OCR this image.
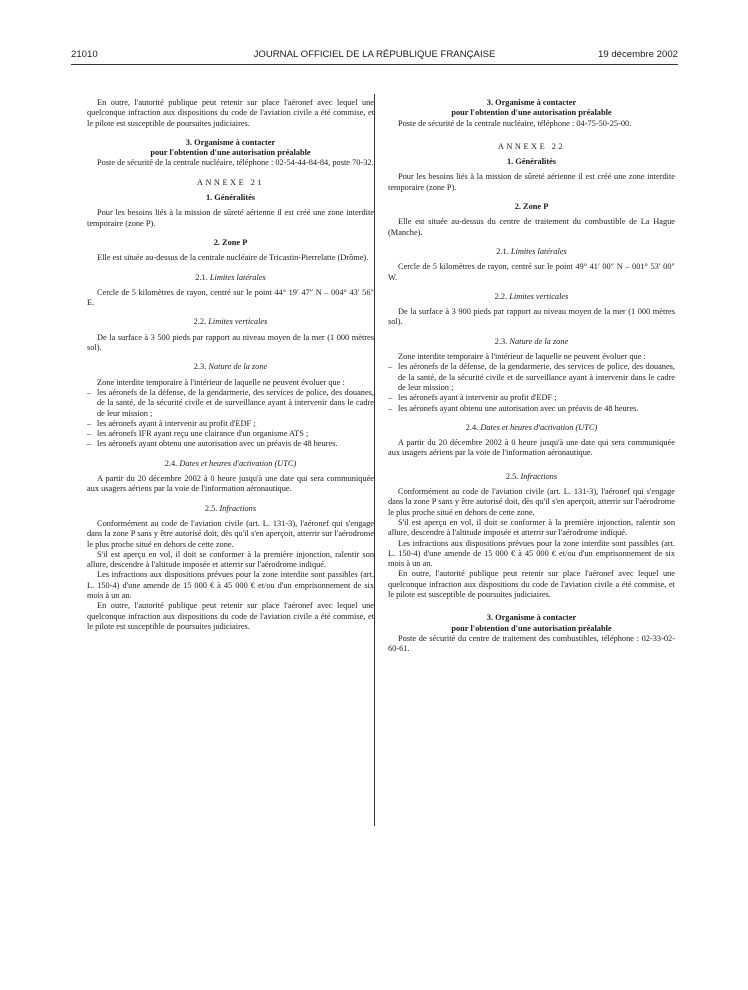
21010	JOURNAL OFFICIEL DE LA RÉPUBLIQUE FRANÇAISE	19 décembre 2002

En outre, l'autorité publique peut retenir sur place l'aéronef avec lequel une quelconque infraction aux dispositions du code de l'aviation civile a été commise, et le pilote est susceptible de poursuites judiciaires.

3. Organisme à contacter

pour l'obtention d'une autorisation préalable

Poste de sécurité de la centrale nucléaire, téléphone : 02-54-44-84-84, poste 70-32.

ANNEXE 21

1. Généralités

Pour les besoins liés à la mission de sûreté aérienne il est créé une zone interdite temporaire (zone P).

2. Zone P

Elle est située au-dessus de la centrale nucléaire de Tricastin-Pierrelatte (Drôme).

2.1. Limites latérales

Cercle de 5 kilomètres de rayon, centré sur le point 44° 19′ 47″ N – 004° 43′ 56″ E.

2.2. Limites verticales

De la surface à 3 500 pieds par rapport au niveau moyen de la mer (1 000 mètres sol).

2.3. Nature de la zone

Zone interdite temporaire à l'intérieur de laquelle ne peuvent évoluer que :

– les aéronefs de la défense, de la gendarmerie, des services de police, des douanes, de la santé, de la sécurité civile et de surveillance ayant à intervenir dans le cadre de leur mission ;
– les aéronefs ayant à intervenir au profit d'EDF ;
– les aéronefs IFR ayant reçu une clairance d'un organisme ATS ;
– les aéronefs ayant obtenu une autorisation avec un préavis de 48 heures.

2.4. Dates et heures d'activation (UTC)

A partir du 20 décembre 2002 à 0 heure jusqu'à une date qui sera communiquée aux usagers aériens par la voie de l'information aéronautique.

2.5. Infractions

Conformément au code de l'aviation civile (art. L. 131-3), l'aéronef qui s'engage dans la zone P sans y être autorisé doit, dès qu'il s'en aperçoit, atterrir sur l'aérodrome le plus proche situé en dehors de cette zone.

S'il est aperçu en vol, il doit se conformer à la première injonction, ralentir son allure, descendre à l'altitude imposée et atterrir sur l'aérodrome indiqué.

Les infractions aux dispositions prévues pour la zone interdite sont passibles (art. L. 150-4) d'une amende de 15 000 € à 45 000 € et/ou d'un emprisonnement de six mois à un an.

En outre, l'autorité publique peut retenir sur place l'aéronef avec lequel une quelconque infraction aux dispositions du code de l'aviation civile a été commise, et le pilote est susceptible de poursuites judiciaires.

3. Organisme à contacter

pour l'obtention d'une autorisation préalable

Poste de sécurité de la centrale nucléaire, téléphone : 04-75-50-25-00.

ANNEXE 22

1. Généralités

Pour les besoins liés à la mission de sûreté aérienne il est créé une zone interdite temporaire (zone P).

2. Zone P

Elle est située au-dessus du centre de traitement du combustible de La Hague (Manche).

2.1. Limites latérales

Cercle de 5 kilomètres de rayon, centré sur le point 49° 41′ 00″ N – 001° 53′ 00″ W.

2.2. Limites verticales

De la surface à 3 900 pieds par rapport au niveau moyen de la mer (1 000 mètres sol).

2.3. Nature de la zone

Zone interdite temporaire à l'intérieur de laquelle ne peuvent évoluer que :

– les aéronefs de la défense, de la gendarmerie, des services de police, des douanes, de la santé, de la sécurité civile et de surveillance ayant à intervenir dans le cadre de leur mission ;
– les aéronefs ayant à intervenir au profit d'EDF ;
– les aéronefs ayant obtenu une autorisation avec un préavis de 48 heures.

2.4. Dates et heures d'activation (UTC)

A partir du 20 décembre 2002 à 0 heure jusqu'à une date qui sera communiquée aux usagers aériens par la voie de l'information aéronautique.

2.5. Infractions

Conformément au code de l'aviation civile (art. L. 131-3), l'aéronef qui s'engage dans la zone P sans y être autorisé doit, dès qu'il s'en aperçoit, atterrir sur l'aérodrome le plus proche situé en dehors de cette zone.

S'il est aperçu en vol, il doit se conformer à la première injonction, ralentir son allure, descendre à l'altitude imposée et atterrir sur l'aérodrome indiqué.

Les infractions aux dispositions prévues pour la zone interdite sont passibles (art. L. 150-4) d'une amende de 15 000 € à 45 000 € et/ou d'un emprisonnement de six mois à un an.

En outre, l'autorité publique peut retenir sur place l'aéronef avec lequel une quelconque infraction aux dispositions du code de l'aviation civile a été commise, et le pilote est susceptible de poursuites judiciaires.

3. Organisme à contacter

pour l'obtention d'une autorisation préalable

Poste de sécurité du centre de traitement des combustibles, téléphone : 02-33-02-60-61.
